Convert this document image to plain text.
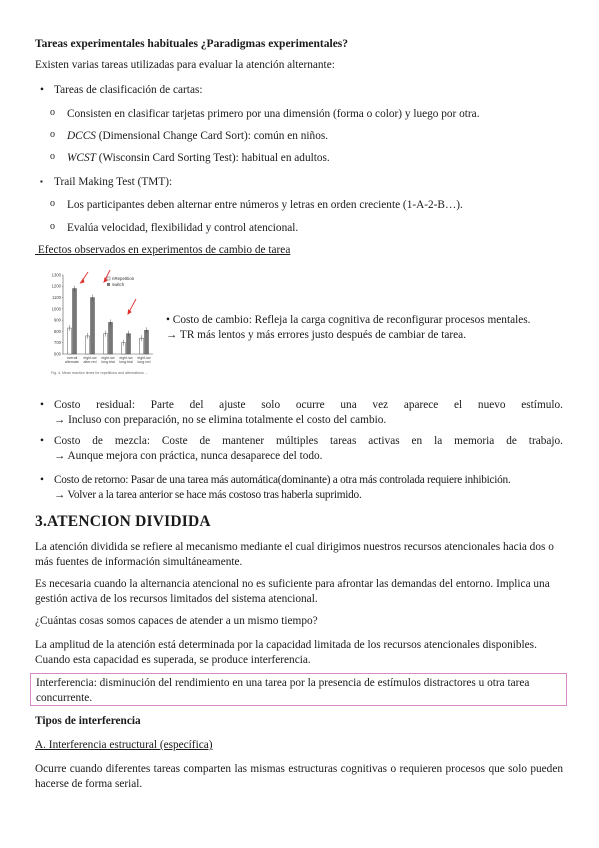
Tareas experimentales habituales ¿Paradigmas experimentales?
Existen varias tareas utilizadas para evaluar la atención alternante:
• Tareas de clasificación de cartas:
o	Consisten en clasificar tarjetas primero por una dimensión (forma o color) y luego por otra.
o	DCCS (Dimensional Change Card Sort): común en niños.
o	WCST (Wisconsin Card Sorting Test): habitual en adultos.
▪ Trail Making Test (TMT):
o	Los participantes deben alternar entre números y letras en orden creciente (1-A-2-B…).
o	Evalúa velocidad, flexibilidad y control atencional.
Efectos observados en experimentos de cambio de tarea
600
700
800
900
1000
1100
1200
1300
overall
alternate
eight.sw
alter.red
eight.sw
long.trial
eight.sw
long.trial
eight.sw
long.red
nRepetition
switch
Fig. 4. Mean reaction times for repetitions and alternations ...
• Costo de cambio: Refleja la carga cognitiva de reconfigurar procesos mentales.
→ TR más lentos y más errores justo después de cambiar de tarea.
• Costo residual: Parte del ajuste solo ocurre una vez aparece el nuevo estímulo.
→ Incluso con preparación, no se elimina totalmente el costo del cambio.
• Costo de mezcla: Coste de mantener múltiples tareas activas en la memoria de trabajo.
→ Aunque mejora con práctica, nunca desaparece del todo.
• Costo de retorno: Pasar de una tarea más automática(dominante) a otra más controlada requiere inhibición.
→ Volver a la tarea anterior se hace más costoso tras haberla suprimido.
3.ATENCION DIVIDIDA
La atención dividida se refiere al mecanismo mediante el cual dirigimos nuestros recursos atencionales hacia dos o más fuentes de información simultáneamente.
Es necesaria cuando la alternancia atencional no es suficiente para afrontar las demandas del entorno. Implica una gestión activa de los recursos limitados del sistema atencional.
¿Cuántas cosas somos capaces de atender a un mismo tiempo?
La amplitud de la atención está determinada por la capacidad limitada de los recursos atencionales disponibles. Cuando esta capacidad es superada, se produce interferencia.
Interferencia: disminución del rendimiento en una tarea por la presencia de estímulos distractores u otra tarea concurrente.
Tipos de interferencia
A. Interferencia estructural (específica)
Ocurre cuando diferentes tareas comparten las mismas estructuras cognitivas o requieren procesos que solo pueden hacerse de forma serial.
